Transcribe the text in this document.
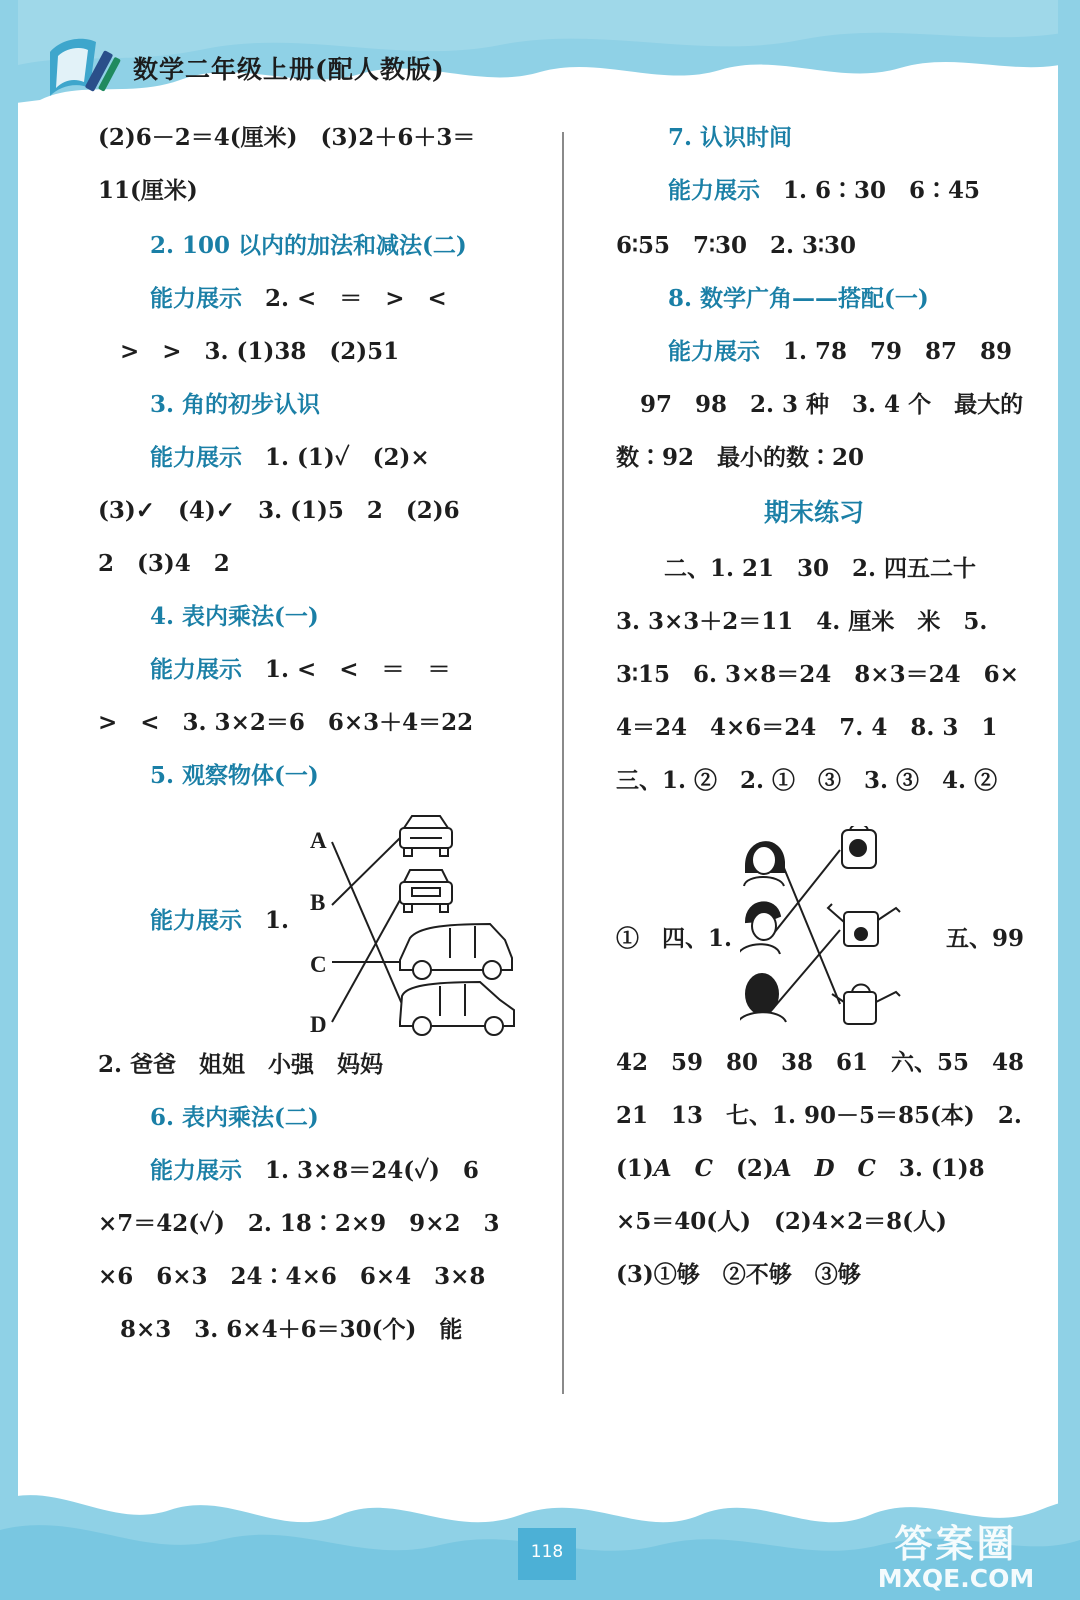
数学二年级上册(配人教版)
(2)6－2＝4(厘米)　(3)2＋6＋3＝
11(厘米)
2. 100 以内的加法和减法(二)
能力展示　 2. <　＝　>　<
>　>　3. (1)38　(2)51
3. 角的初步认识
能力展示　 1. (1)✓　(2)×
(3)✓　(4)✓　3. (1)5　2　(2)6
2　(3)4　2
4. 表内乘法(一)
能力展示　 1. <　<　＝　＝
>　<　3. 3×2＝6　6×3＋4＝22
5. 观察物体(一)
能力展示　 1.
A
B
C
D
2. 爸爸　姐姐　小强　妈妈
6. 表内乘法(二)
能力展示　 1. 3×8＝24(✓)　6
×7＝42(✓)　2. 18∶2×9　9×2　3
×6　6×3　24∶4×6　6×4　3×8
8×3　3. 6×4＋6＝30(个)　能
7. 认识时间
能力展示　 1. 6∶30　6∶45
6∶55　7∶30　2. 3∶30
8. 数学广角——搭配(一)
能力展示　 1. 78　79　87　89
97　98　2. 3 种　3. 4 个　最大的
数∶92　最小的数∶20
期末练习
二、1. 21　30　2. 四五二十
3. 3×3＋2＝11　4. 厘米　米　5.
3∶15　6. 3×8＝24　8×3＝24　6×
4＝24　4×6＝24　7. 4　8. 3　1
三、1. ②　2. ①　③　3. ③　4. ②
①　四、1.	五、99
42　59　80　38　61　六、55　48
21　13　七、1. 90－5＝85(本)　2.
(1)A　C　(2)A　D　C　3. (1)8
×5＝40(人)　(2)4×2＝8(人)
(3)①够　②不够　③够
118	答案圈
MXQE.COM
